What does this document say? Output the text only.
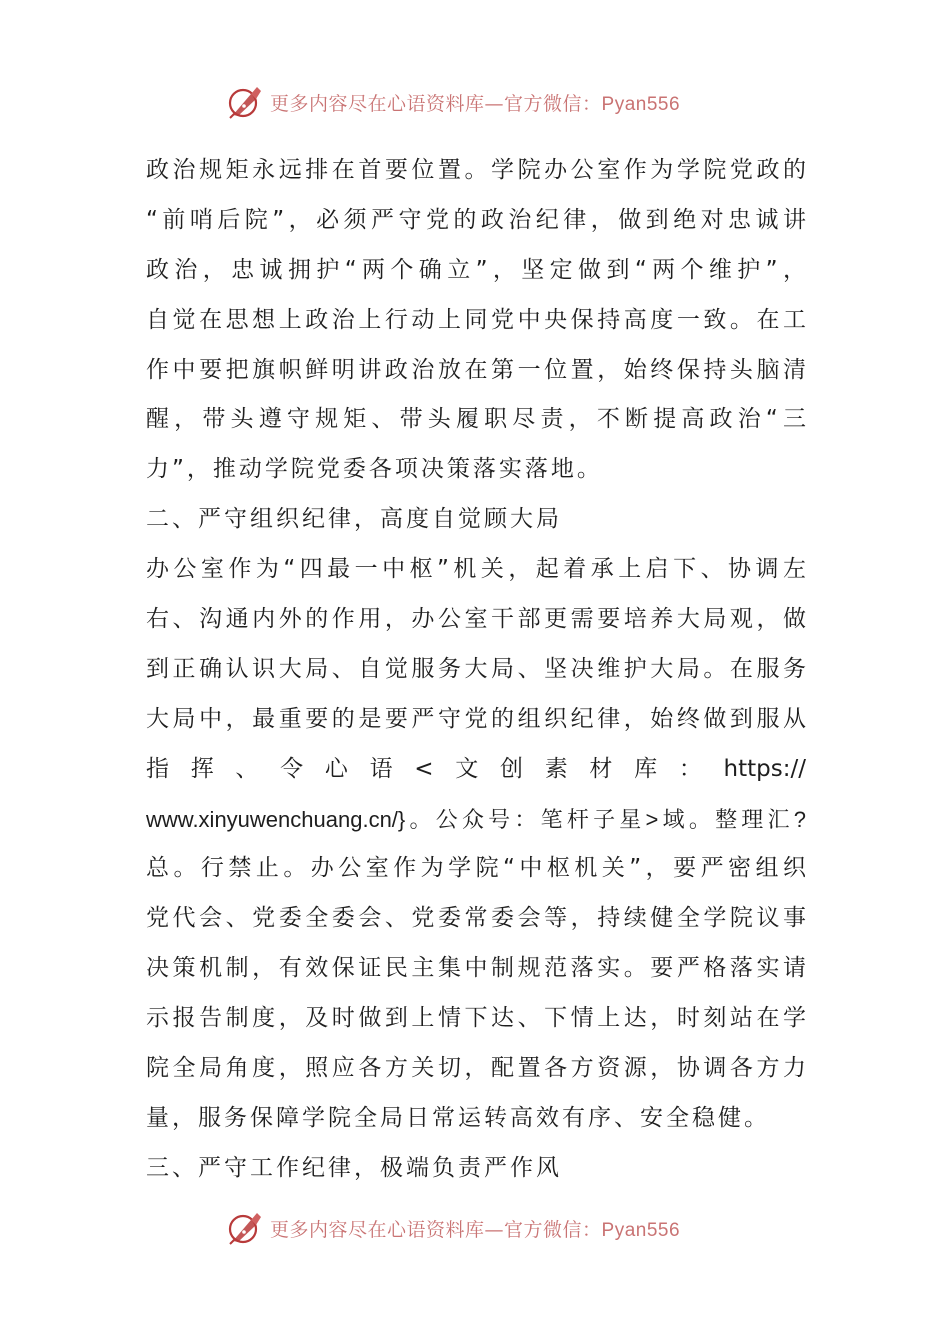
更多内容尽在心语资料库—官方微信：Pyan556
政治规矩永远排在首要位置。学院办公室作为学院党政的
“前哨后院”，必须严守党的政治纪律，做到绝对忠诚讲
政治，忠诚拥护“两个确立”，坚定做到“两个维护”，
自觉在思想上政治上行动上同党中央保持高度一致。在工
作中要把旗帜鲜明讲政治放在第一位置，始终保持头脑清
醒，带头遵守规矩、带头履职尽责，不断提高政治“三
力”，推动学院党委各项决策落实落地。
二、严守组织纪律，高度自觉顾大局
办公室作为“四最一中枢”机关，起着承上启下、协调左
右、沟通内外的作用，办公室干部更需要培养大局观，做
到正确认识大局、自觉服务大局、坚决维护大局。在服务
大局中，最重要的是要严守党的组织纪律，始终做到服从
指挥、令心语<文创素材库：https://
www.xinyuwenchuang.cn/}。公众号：笔杆子星>域。整理汇?
总。行禁止。办公室作为学院“中枢机关”，要严密组织
党代会、党委全委会、党委常委会等，持续健全学院议事
决策机制，有效保证民主集中制规范落实。要严格落实请
示报告制度，及时做到上情下达、下情上达，时刻站在学
院全局角度，照应各方关切，配置各方资源，协调各方力
量，服务保障学院全局日常运转高效有序、安全稳健。
三、严守工作纪律，极端负责严作风
更多内容尽在心语资料库—官方微信：Pyan556
